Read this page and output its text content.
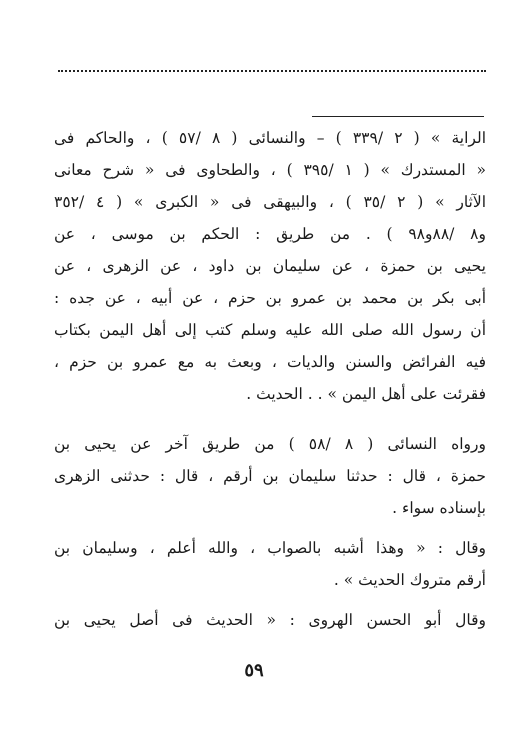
الراية » ( ٢ /٣٣٩ ) – والنسائى ( ٨ /٥٧ ) ، والحاكم فى
« المستدرك » ( ١ /٣٩٥ ) ، والطحاوى فى « شرح معانى
الآثار » ( ٢ /٣٥ ) ، والبيهقى فى « الكبرى » ( ٤ /٣٥٢
و٨ /٨٨و٩٨ ) . من طريق : الحكم بن موسى ، عن
يحيى بن حمزة ، عن سليمان بن داود ، عن الزهرى ، عن
أبى بكر بن محمد بن عمرو بن حزم ، عن أبيه ، عن جده :
أن رسول الله صلى الله عليه وسلم كتب إلى أهل اليمن بكتاب
فيه الفرائض والسنن والديات ، وبعث به مع عمرو بن حزم ،
فقرئت على أهل اليمن » . . الحديث .
ورواه النسائى ( ٨ /٥٨ ) من طريق آخر عن يحيى بن
حمزة ، قال : حدثنا سليمان بن أرقم ، قال : حدثنى الزهرى
بإسناده سواء .
وقال : « وهذا أشبه بالصواب ، والله أعلم ، وسليمان بن
أرقم متروك الحديث » .
وقال أبو الحسن الهروى : « الحديث فى أصل يحيى بن
٥٩
